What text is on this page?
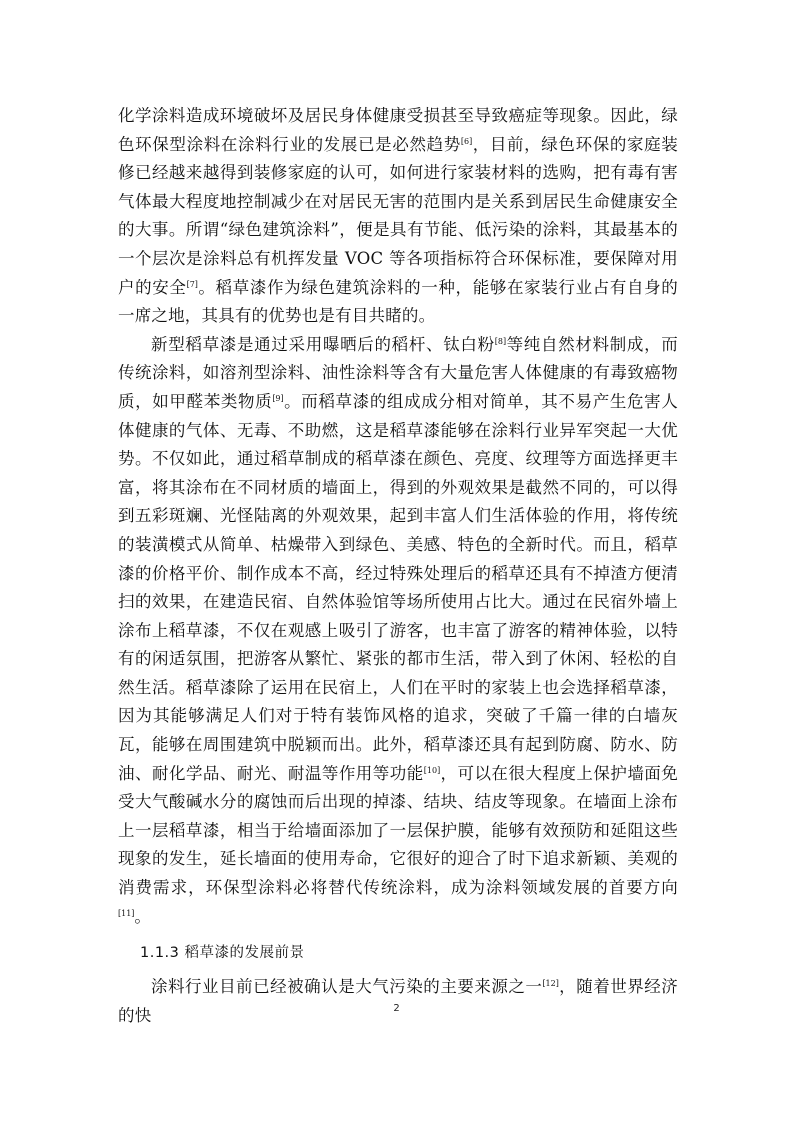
化学涂料造成环境破坏及居民身体健康受损甚至导致癌症等现象。因此，绿色环保型涂料在涂料行业的发展已是必然趋势[6]，目前，绿色环保的家庭装修已经越来越得到装修家庭的认可，如何进行家装材料的选购，把有毒有害气体最大程度地控制减少在对居民无害的范围内是关系到居民生命健康安全的大事。所谓“绿色建筑涂料”，便是具有节能、低污染的涂料，其最基本的一个层次是涂料总有机挥发量 VOC 等各项指标符合环保标准，要保障对用户的安全[7]。稻草漆作为绿色建筑涂料的一种，能够在家装行业占有自身的一席之地，其具有的优势也是有目共睹的。

新型稻草漆是通过采用曝晒后的稻杆、钛白粉[8]等纯自然材料制成，而传统涂料，如溶剂型涂料、油性涂料等含有大量危害人体健康的有毒致癌物质，如甲醛苯类物质[9]。而稻草漆的组成成分相对简单，其不易产生危害人体健康的气体、无毒、不助燃，这是稻草漆能够在涂料行业异军突起一大优势。不仅如此，通过稻草制成的稻草漆在颜色、亮度、纹理等方面选择更丰富，将其涂布在不同材质的墙面上，得到的外观效果是截然不同的，可以得到五彩斑斓、光怪陆离的外观效果，起到丰富人们生活体验的作用，将传统的装潢模式从简单、枯燥带入到绿色、美感、特色的全新时代。而且，稻草漆的价格平价、制作成本不高，经过特殊处理后的稻草还具有不掉渣方便清扫的效果，在建造民宿、自然体验馆等场所使用占比大。通过在民宿外墙上涂布上稻草漆，不仅在观感上吸引了游客，也丰富了游客的精神体验，以特有的闲适氛围，把游客从繁忙、紧张的都市生活，带入到了休闲、轻松的自然生活。稻草漆除了运用在民宿上，人们在平时的家装上也会选择稻草漆，因为其能够满足人们对于特有装饰风格的追求，突破了千篇一律的白墙灰瓦，能够在周围建筑中脱颖而出。此外，稻草漆还具有起到防腐、防水、防油、耐化学品、耐光、耐温等作用等功能[10]，可以在很大程度上保护墙面免受大气酸碱水分的腐蚀而后出现的掉漆、结块、结皮等现象。在墙面上涂布上一层稻草漆，相当于给墙面添加了一层保护膜，能够有效预防和延阻这些现象的发生，延长墙面的使用寿命，它很好的迎合了时下追求新颖、美观的消费需求，环保型涂料必将替代传统涂料，成为涂料领域发展的首要方向[11]。

1.1.3 稻草漆的发展前景

涂料行业目前已经被确认是大气污染的主要来源之一[12]，随着世界经济的快	2
